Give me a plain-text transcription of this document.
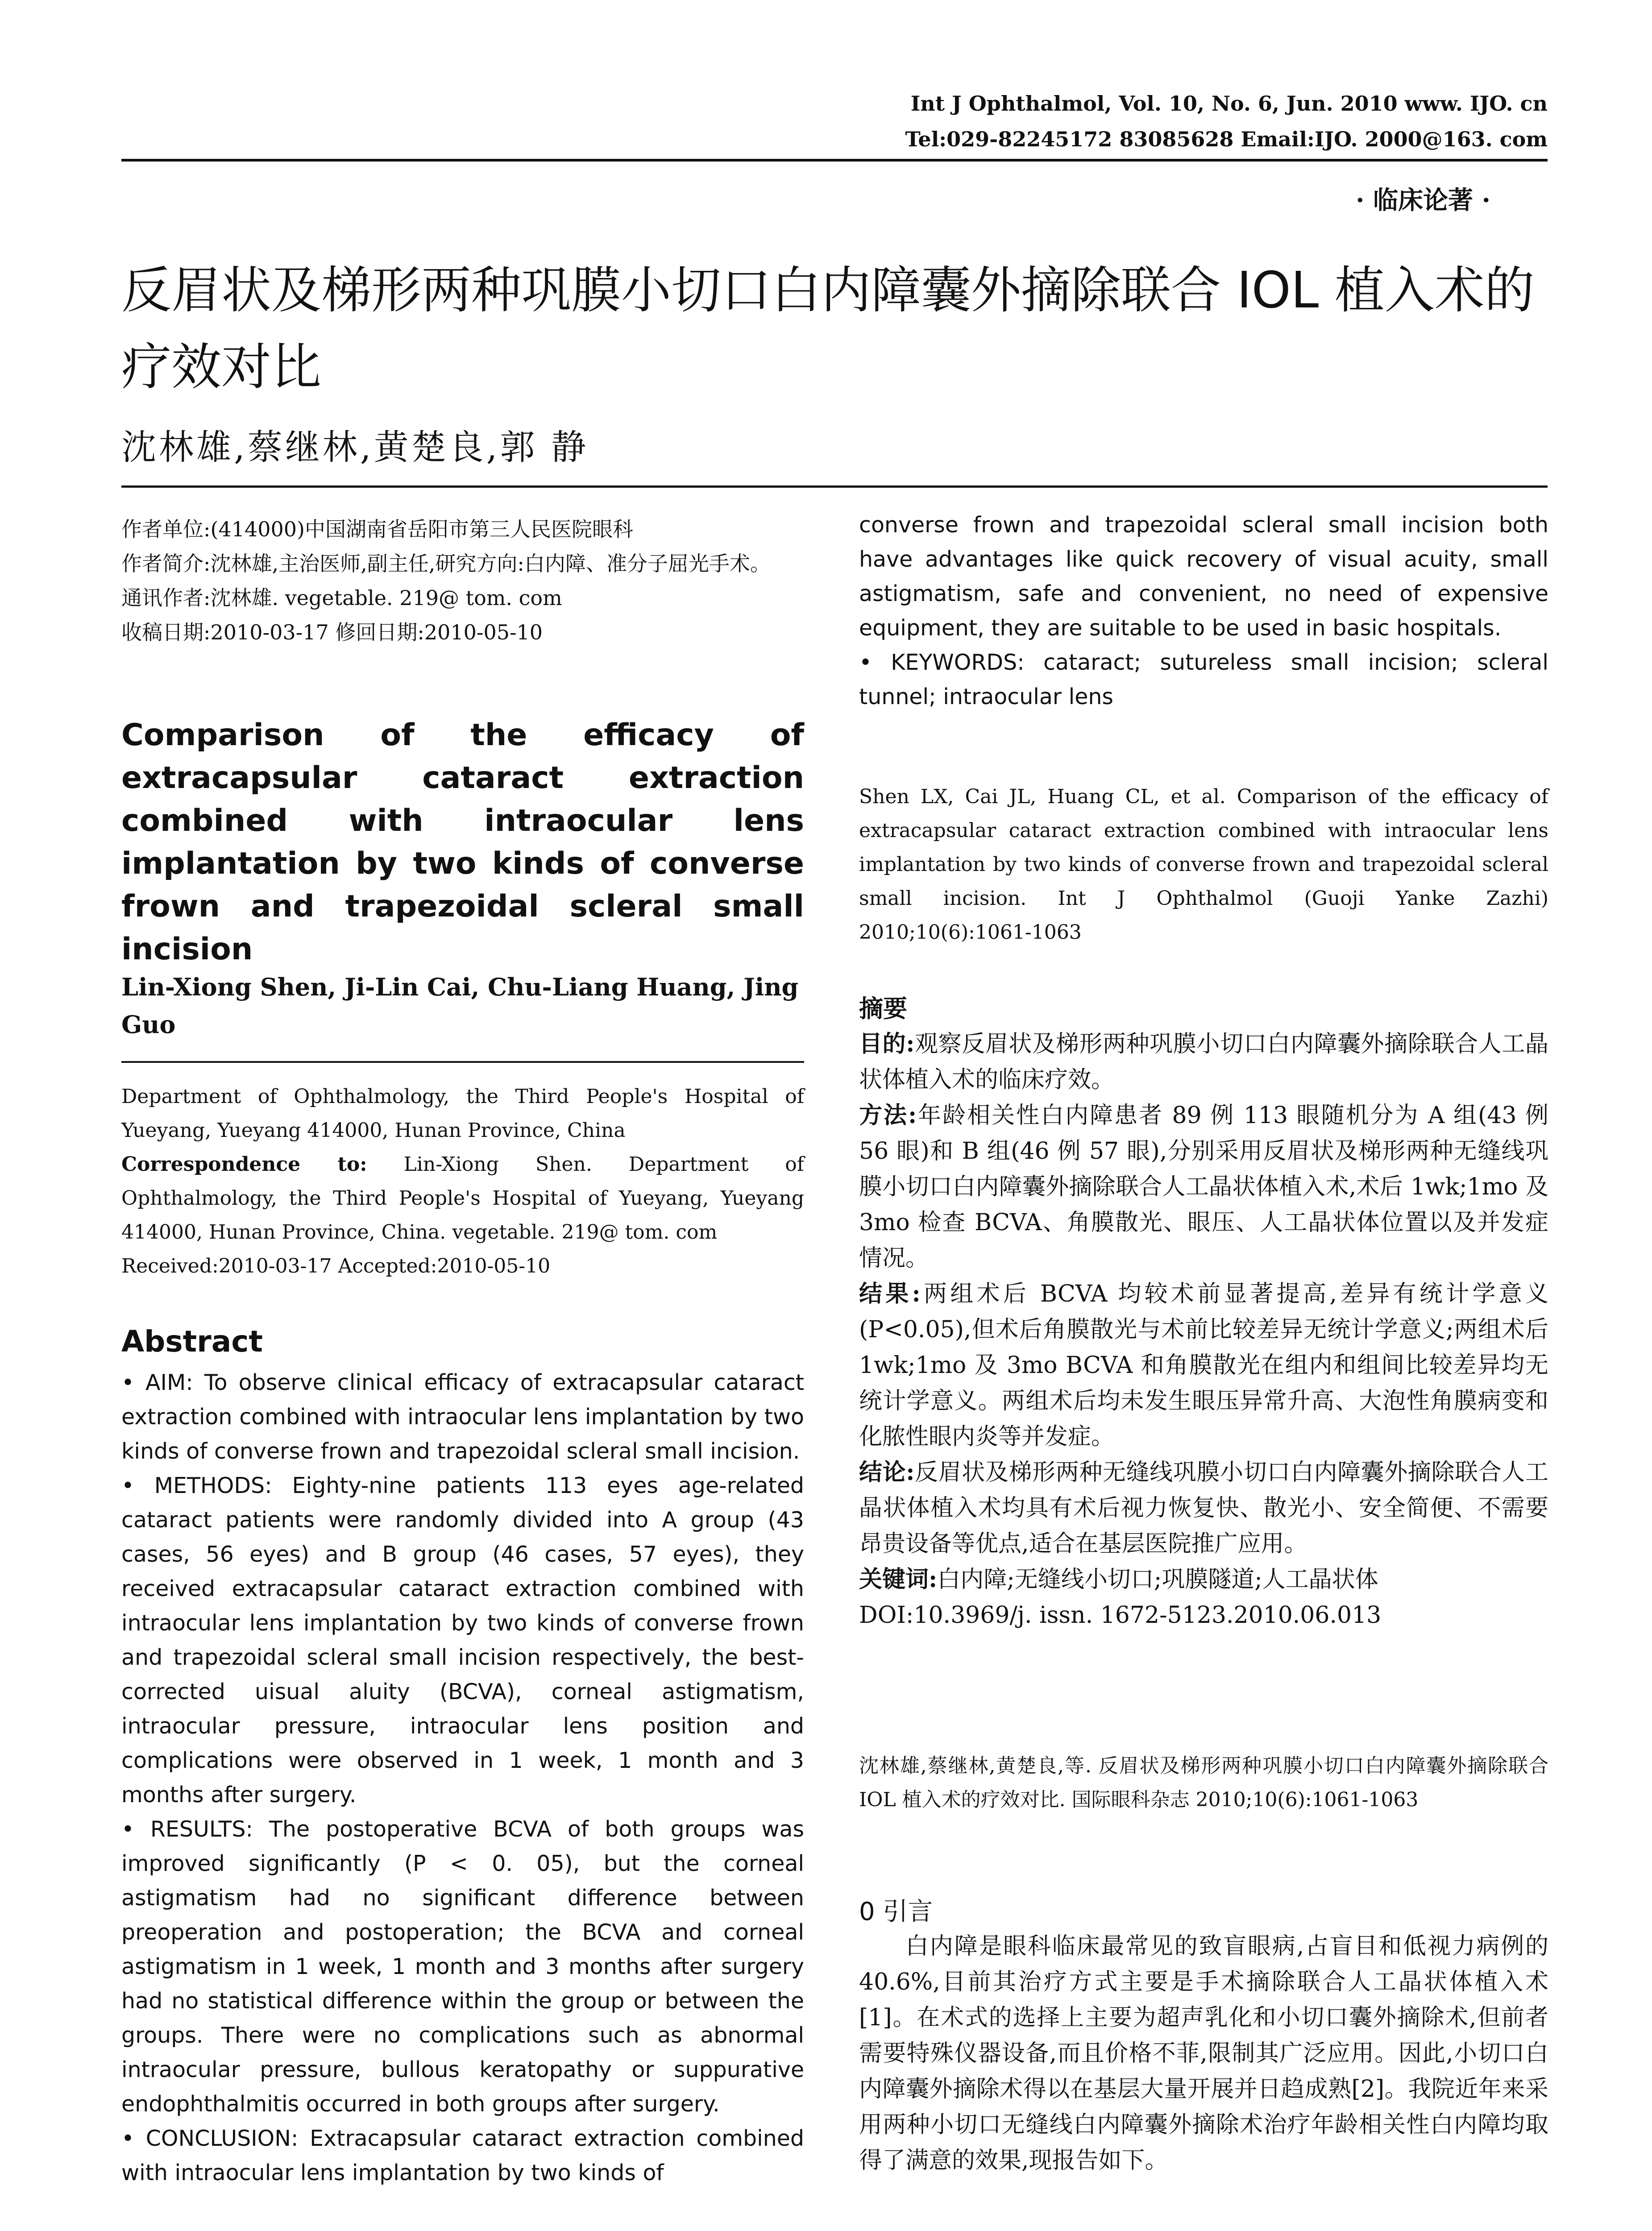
Int J Ophthalmol, Vol. 10, No. 6, Jun. 2010 www. IJO. cn
Tel:029-82245172 83085628 Email:IJO. 2000@163. com
· 临床论著 ·
反眉状及梯形两种巩膜小切口白内障囊外摘除联合 IOL 植入术的疗效对比
沈林雄,蔡继林,黄楚良,郭 静

作者单位:(414000)中国湖南省岳阳市第三人民医院眼科

作者简介:沈林雄,主治医师,副主任,研究方向:白内障、准分子屈光手术。

通讯作者:沈林雄. vegetable. 219@ tom. com

收稿日期:2010-03-17 修回日期:2010-05-10

Comparison of the efficacy of extracapsular cataract extraction combined with intraocular lens implantation by two kinds of converse frown and trapezoidal scleral small incision
Lin-Xiong Shen, Ji-Lin Cai, Chu-Liang Huang, Jing Guo

Department of Ophthalmology, the Third People's Hospital of Yueyang, Yueyang 414000, Hunan Province, China

Correspondence to: Lin-Xiong Shen. Department of Ophthalmology, the Third People's Hospital of Yueyang, Yueyang 414000, Hunan Province, China. vegetable. 219@ tom. com

Received:2010-03-17 Accepted:2010-05-10

Abstract

• AIM: To observe clinical efficacy of extracapsular cataract extraction combined with intraocular lens implantation by two kinds of converse frown and trapezoidal scleral small incision.

• METHODS: Eighty-nine patients 113 eyes age-related cataract patients were randomly divided into A group (43 cases, 56 eyes) and B group (46 cases, 57 eyes), they received extracapsular cataract extraction combined with intraocular lens implantation by two kinds of converse frown and trapezoidal scleral small incision respectively, the best-corrected uisual aluity (BCVA), corneal astigmatism, intraocular pressure, intraocular lens position and complications were observed in 1 week, 1 month and 3 months after surgery.

• RESULTS: The postoperative BCVA of both groups was improved significantly (P < 0. 05), but the corneal astigmatism had no significant difference between preoperation and postoperation; the BCVA and corneal astigmatism in 1 week, 1 month and 3 months after surgery had no statistical difference within the group or between the groups. There were no complications such as abnormal intraocular pressure, bullous keratopathy or suppurative endophthalmitis occurred in both groups after surgery.

• CONCLUSION: Extracapsular cataract extraction combined with intraocular lens implantation by two kinds of

converse frown and trapezoidal scleral small incision both have advantages like quick recovery of visual acuity, small astigmatism, safe and convenient, no need of expensive equipment, they are suitable to be used in basic hospitals.

• KEYWORDS: cataract; sutureless small incision; scleral tunnel; intraocular lens

Shen LX, Cai JL, Huang CL, et al. Comparison of the efficacy of extracapsular cataract extraction combined with intraocular lens implantation by two kinds of converse frown and trapezoidal scleral small incision. Int J Ophthalmol (Guoji Yanke Zazhi) 2010;10(6):1061-1063
摘要

目的:观察反眉状及梯形两种巩膜小切口白内障囊外摘除联合人工晶状体植入术的临床疗效。

方法:年龄相关性白内障患者 89 例 113 眼随机分为 A 组(43 例 56 眼)和 B 组(46 例 57 眼),分别采用反眉状及梯形两种无缝线巩膜小切口白内障囊外摘除联合人工晶状体植入术,术后 1wk;1mo 及 3mo 检查 BCVA、角膜散光、眼压、人工晶状体位置以及并发症情况。

结果:两组术后 BCVA 均较术前显著提高,差异有统计学意义(P<0.05),但术后角膜散光与术前比较差异无统计学意义;两组术后 1wk;1mo 及 3mo BCVA 和角膜散光在组内和组间比较差异均无统计学意义。两组术后均未发生眼压异常升高、大泡性角膜病变和化脓性眼内炎等并发症。

结论:反眉状及梯形两种无缝线巩膜小切口白内障囊外摘除联合人工晶状体植入术均具有术后视力恢复快、散光小、安全简便、不需要昂贵设备等优点,适合在基层医院推广应用。

关键词:白内障;无缝线小切口;巩膜隧道;人工晶状体

DOI:10.3969/j. issn. 1672-5123.2010.06.013

沈林雄,蔡继林,黄楚良,等. 反眉状及梯形两种巩膜小切口白内障囊外摘除联合 IOL 植入术的疗效对比. 国际眼科杂志 2010;10(6):1061-1063
0 引言
白内障是眼科临床最常见的致盲眼病,占盲目和低视力病例的 40.6%,目前其治疗方式主要是手术摘除联合人工晶状体植入术[1]。在术式的选择上主要为超声乳化和小切口囊外摘除术,但前者需要特殊仪器设备,而且价格不菲,限制其广泛应用。因此,小切口白内障囊外摘除术得以在基层大量开展并日趋成熟[2]。我院近年来采用两种小切口无缝线白内障囊外摘除术治疗年龄相关性白内障均取得了满意的效果,现报告如下。
